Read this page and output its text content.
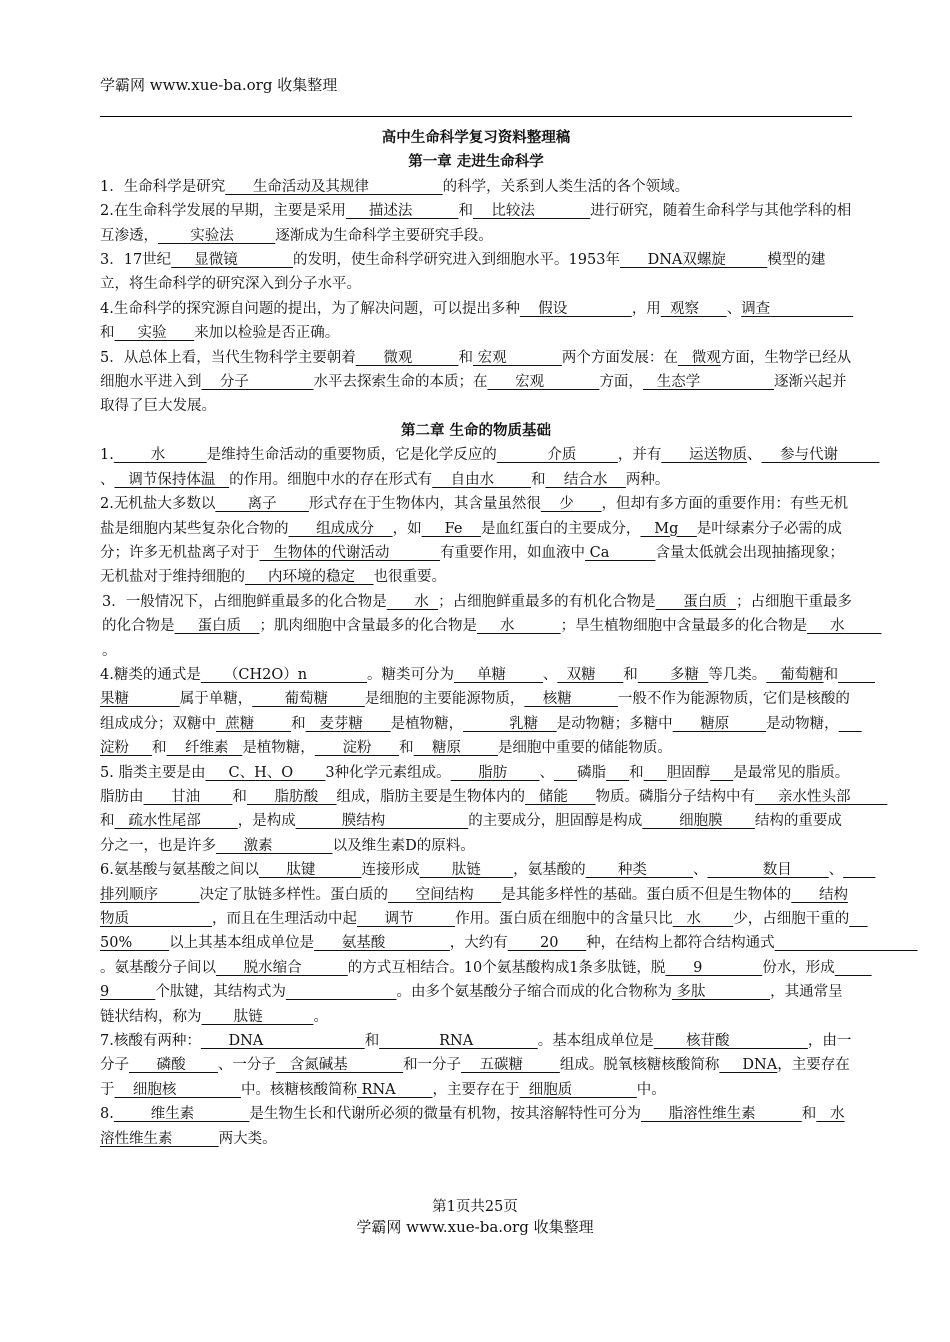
学霸网 www.xue-ba.org 收集整理
高中生命科学复习资料整理稿
第一章 走进生命科学

1．生命科学是研究      生命活动及其规律                的科学，关系到人类生活的各个领域。

2.在生命科学发展的早期，主要是采用     描述法          和    比较法            进行研究，随着生命科学与其他学科的相互渗透，       实验法         逐渐成为生命科学主要研究手段。

3．17世纪     显微镜            的发明，使生命科学研究进入到细胞水平。1953年      DNA双螺旋         模型的建立，将生命科学的研究深入到分子水平。

4.生命科学的探究源自问题的提出，为了解决问题，可以提出多种    假设              ，用  观察      、调查                  和     实验      来加以检验是否正确。

5．从总体上看，当代生物科学主要朝着      微观          和 宏观            两个方面发展：在   微观方面，生物学已经从细胞水平进入到    分子              水平去探索生命的本质；在      宏观            方面，   生态学                逐渐兴起并取得了巨大发展。

第二章 生命的物质基础

1.        水         是维持生命活动的重要物质，它是化学反应的           介质         ，并有      运送物质、    参与代谢         、   调节保持体温   的作用。细胞中水的存在形式有    自由水        和    结合水    两种。

2.无机盐大多数以       离子       形式存在于生物体内，其含量虽然很    少      ，但却有多方面的重要作用：有些无机盐是细胞内某些复杂化合物的      组成成分    ，如     Fe    是血红蛋白的主要成分，   Mg    是叶绿素分子必需的成分；许多无机盐离子对于   生物体的代谢活动           有重要作用，如血液中 Ca          含量太低就会出现抽搐现象；无机盐对于维持细胞的     内环境的稳定    也很重要。

3．一般情况下，占细胞鲜重最多的化合物是      水  ；占细胞鲜重最多的有机化合物是      蛋白质  ；占细胞干重最多的化合物是     蛋白质    ；肌肉细胞中含量最多的化合物是     水          ；旱生植物细胞中含量最多的化合物是     水        。

4.糖类的通式是     （CH2O）n             。糖类可分为     单糖        、  双糖      和       多糖  等几类。   葡萄糖和        果糖           属于单糖，       葡萄糖        是细胞的主要能源物质，    核糖          一般不作为能源物质，它们是核酸的组成成分；双糖中  蔗糖        和   麦芽糖      是植物糖，          乳糖    是动物糖；多糖中      糖原        是动物糖，     淀粉     和    纤维素   是植物糖，      淀粉      和    糖原        是细胞中重要的储能物质。

5. 脂类主要是由     C、H、O       3种化学元素组成。      脂肪       、 磷脂 和 胆固醇 是最常见的脂质。脂肪由      甘油       和      脂肪酸    组成，脂肪主要是生物体内的   储能      物质。磷脂分子结构中有     亲水性头部        和   疏水性尾部        ，是构成          膜结构                  的主要成分，胆固醇是构成        细胞膜       结构的重要成分之一，也是许多      激素             以及维生素D的原料。

6.氨基酸与氨基酸之间以      肽键          连接形成       肽链       ，氨基酸的       种类          、            数目        、       排列顺序         决定了肽链多样性。蛋白质的      空间结构      是其能多样性的基础。蛋白质不但是生物体的      结构物质                  ，而且在生理活动中起      调节         作用。蛋白质在细胞中的含量只比   水       少，占细胞干重的    50%        以上其基本组成单位是      氨基酸              ，大约有       20      种，在结构上都符合结构通式                               。氨基酸分子间以      脱水缩合          的方式互相结合。10个氨基酸构成1条多肽链，脱      9             份水，形成        9          个肽键，其结构式为	。由多个氨基酸分子缩合而成的化合物称为 多肽              ，其通常呈链状结构，称为       肽链           。

7.核酸有两种：      DNA                      和             RNA              。基本组成单位是       核苷酸                 ，由一分子      磷酸       、一分子   含氮碱基            和一分子    五碳糖        组成。脱氧核糖核酸简称     DNA，主要存在于    细胞核              中。核糖核酸简称 RNA        ，主要存在于  细胞质              中。

8.        维生素            是生物生长和代谢所必须的微量有机物，按其溶解特性可分为      脂溶性维生素          和   水溶性维生素          两大类。

第1页共25页
学霸网 www.xue-ba.org 收集整理
